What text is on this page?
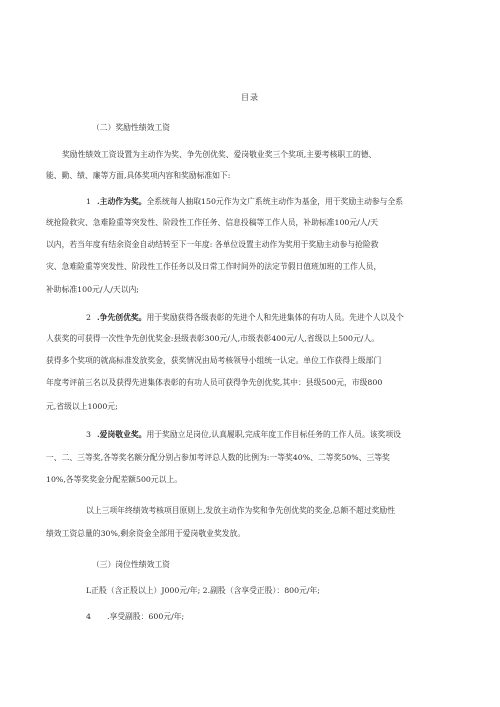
目录
（二）奖励性绩效工资
奖励性绩效工资设置为主动作为奖、争先创优奖、爱岗敬业奖三个奖项,主要考核职工的德、
能、勤、绩、廉等方面,具体奖项内容和奖励标准如下:
1 .主动作为奖。全系统每人抽取150元作为文广系统主动作为基金，用于奖励主动参与全系
统抢险救灾、急难险重等突发性、阶段性工作任务、信息投稿等工作人员，补助标准100元/人/天
以内，若当年度有结余资金自动结转至下一年度: 各单位设置主动作为奖用于奖励主动参与抢险救
灾、急难险重等突发性、阶段性工作任务以及日常工作时间外的法定节假日值班加班的工作人员，
补助标准100元/人/天以内;
2 .争先创优奖。用于奖励获得各级表彰的先进个人和先进集体的有功人员。先进个人以及个
人获奖的可获得一次性争先创优奖金:县级表彰300元/人,市级表彰400元/人,省级以上500元/人。
获得多个奖项的就高标准发放奖金，获奖情况由局考核领导小组统一认定。单位工作获得上级部门
年度考评前三名以及获得先进集体表彰的有功人员可获得争先创优奖,其中：县级500元，市级800
元,省级以上1000元;
3 .爱岗敬业奖。用于奖励立足岗位,认真履职,完成年度工作目标任务的工作人员。该奖项设
一、二、三等奖,各等奖名额分配分别占参加考评总人数的比例为:一等奖40%、二等奖50%、三等奖
10%,各等奖奖金分配差额500元以上。
以上三项年终绩效考核项目原则上,发放主动作为奖和争先创优奖的奖金,总额不超过奖励性
绩效工资总量的30%,剩余资金全部用于爱岗敬业奖发放。
（三）岗位性绩效工资
L正股（含正股以上）J000元/年; 2.副股（含享受正股）：800元/年;
4 .享受副股：600元/年;
